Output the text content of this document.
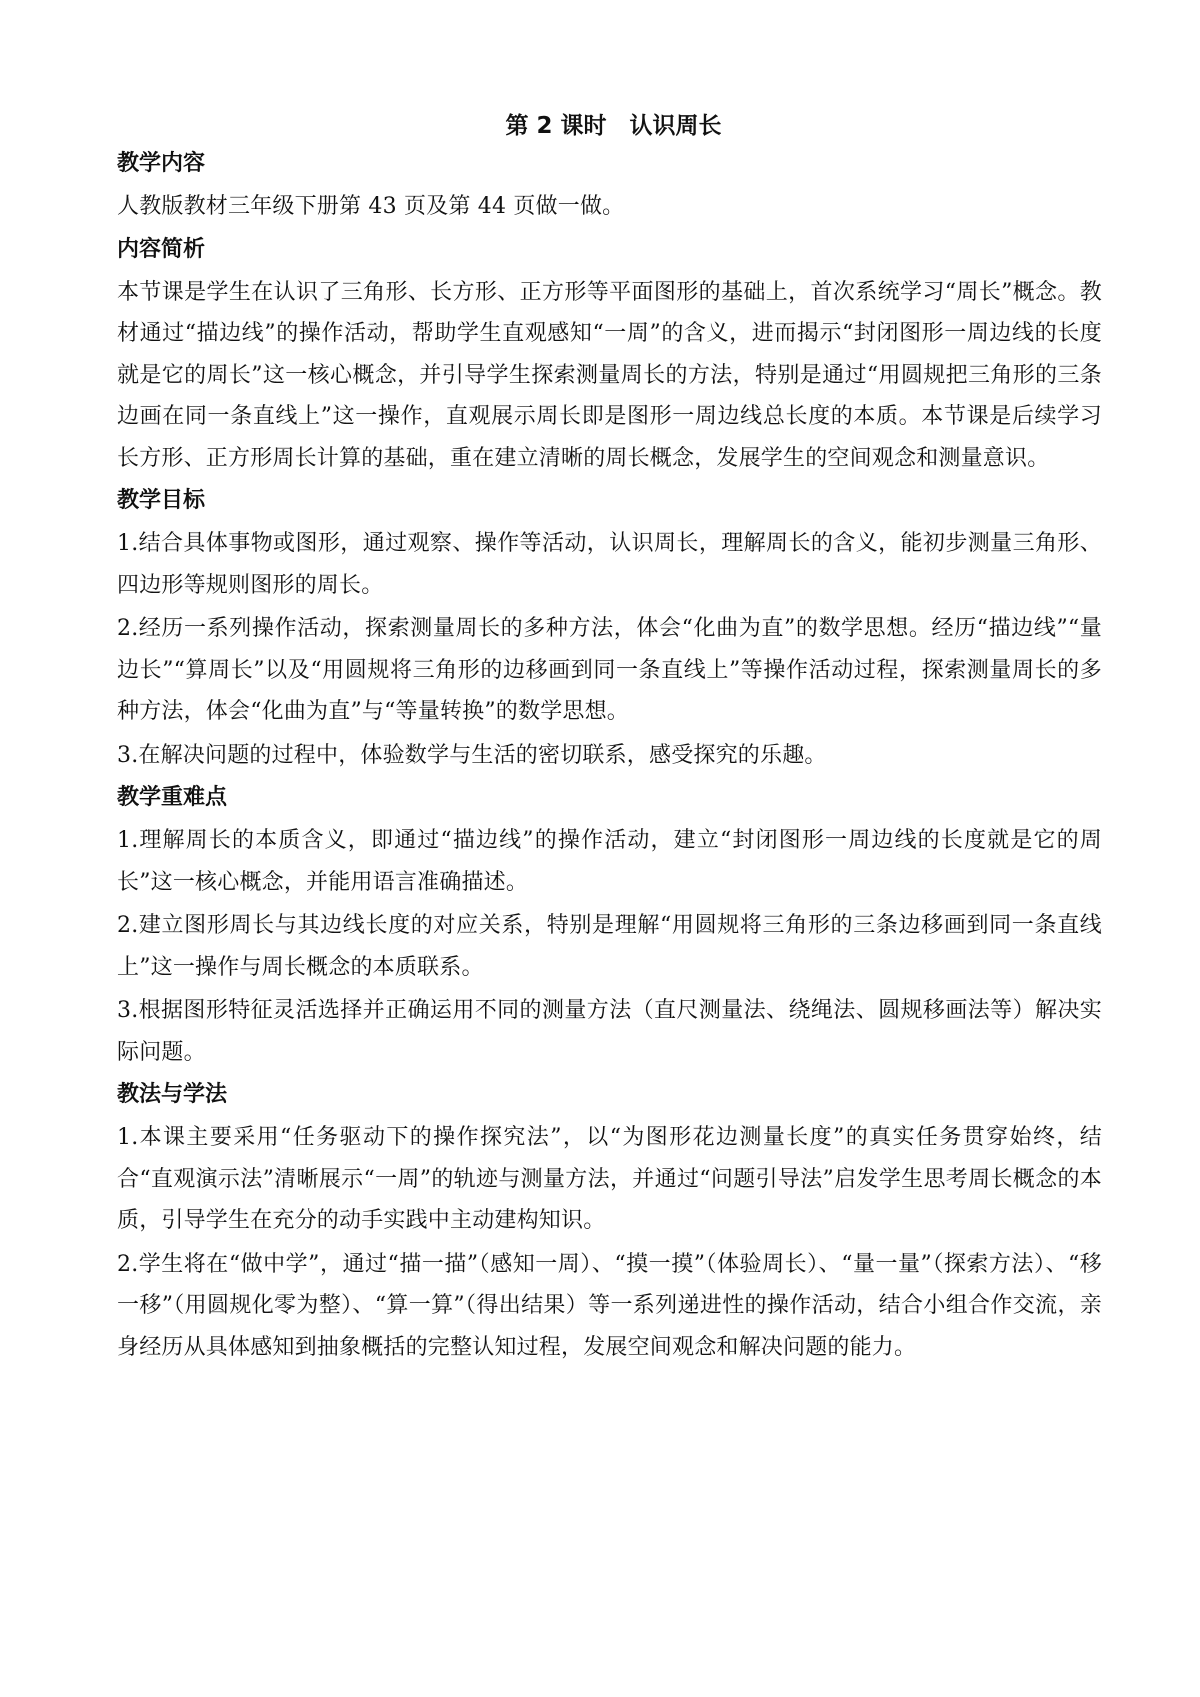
第 2 课时　认识周长
教学内容

人教版教材三年级下册第 43 页及第 44 页做一做。

内容简析

本节课是学生在认识了三角形、长方形、正方形等平面图形的基础上，首次系统学习“周长”概念。教材通过“描边线”的操作活动，帮助学生直观感知“一周”的含义，进而揭示“封闭图形一周边线的长度就是它的周长”这一核心概念，并引导学生探索测量周长的方法，特别是通过“用圆规把三角形的三条边画在同一条直线上”这一操作，直观展示周长即是图形一周边线总长度的本质。本节课是后续学习长方形、正方形周长计算的基础，重在建立清晰的周长概念，发展学生的空间观念和测量意识。

教学目标

1.结合具体事物或图形，通过观察、操作等活动，认识周长，理解周长的含义，能初步测量三角形、四边形等规则图形的周长。

2.经历一系列操作活动，探索测量周长的多种方法，体会“化曲为直”的数学思想。经历“描边线”“量边长”“算周长”以及“用圆规将三角形的边移画到同一条直线上”等操作活动过程，探索测量周长的多种方法，体会“化曲为直”与“等量转换”的数学思想。

3.在解决问题的过程中，体验数学与生活的密切联系，感受探究的乐趣。

教学重难点

1.理解周长的本质含义，即通过“描边线”的操作活动，建立“封闭图形一周边线的长度就是它的周长”这一核心概念，并能用语言准确描述。

2.建立图形周长与其边线长度的对应关系，特别是理解“用圆规将三角形的三条边移画到同一条直线上”这一操作与周长概念的本质联系。

3.根据图形特征灵活选择并正确运用不同的测量方法（直尺测量法、绕绳法、圆规移画法等）解决实际问题。

教法与学法

1.本课主要采用“任务驱动下的操作探究法”，以“为图形花边测量长度”的真实任务贯穿始终，结合“直观演示法”清晰展示“一周”的轨迹与测量方法，并通过“问题引导法”启发学生思考周长概念的本质，引导学生在充分的动手实践中主动建构知识。

2.学生将在“做中学”，通过“描一描”（感知一周）、“摸一摸”（体验周长）、“量一量”（探索方法）、“移一移”（用圆规化零为整）、“算一算”（得出结果）等一系列递进性的操作活动，结合小组合作交流，亲身经历从具体感知到抽象概括的完整认知过程，发展空间观念和解决问题的能力。
